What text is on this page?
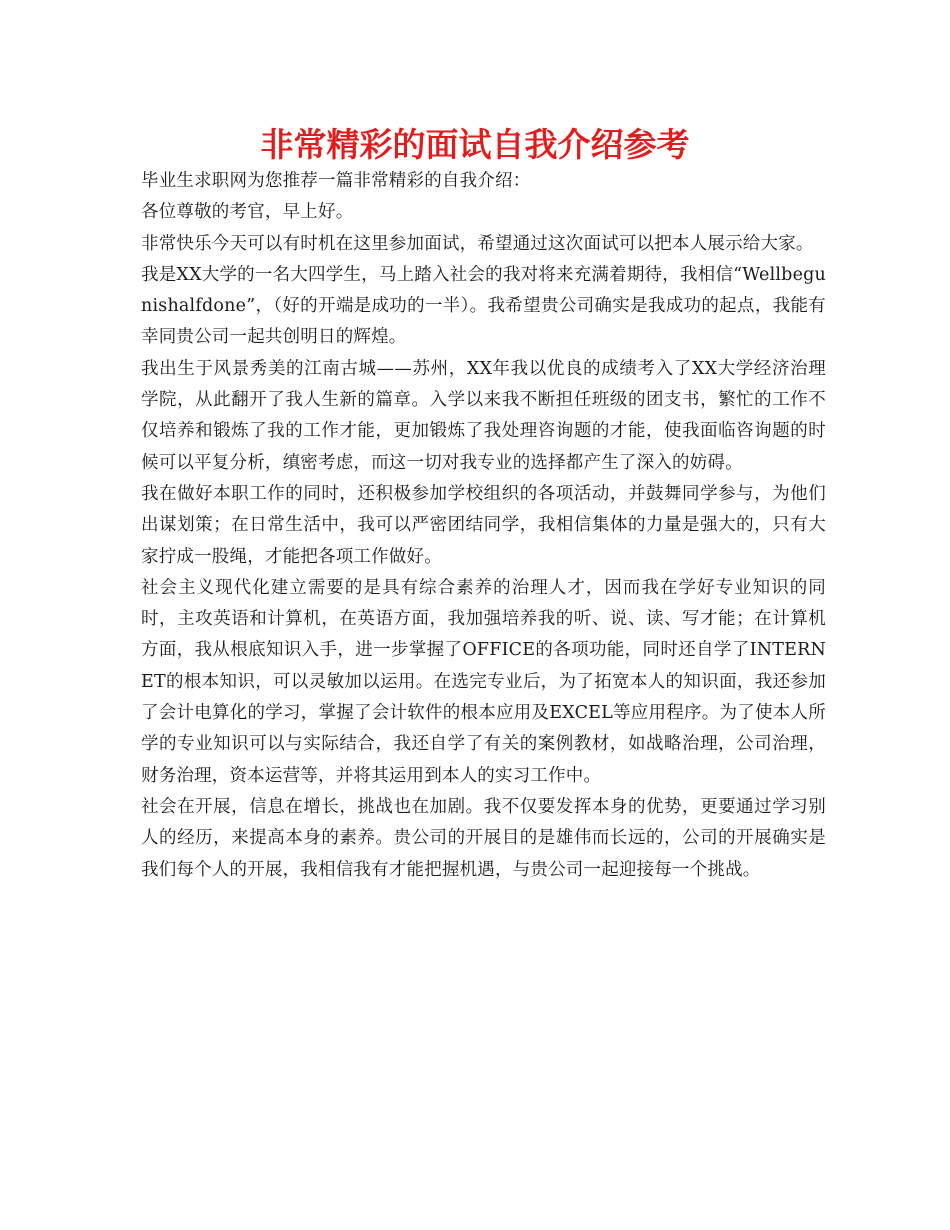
非常精彩的面试自我介绍参考

毕业生求职网为您推荐一篇非常精彩的自我介绍：

各位尊敬的考官，早上好。

非常快乐今天可以有时机在这里参加面试，希望通过这次面试可以把本人展示给大家。

我是XX大学的一名大四学生，马上踏入社会的我对将来充满着期待，我相信“Wellbegunishalfdone”，（好的开端是成功的一半）。我希望贵公司确实是我成功的起点，我能有幸同贵公司一起共创明日的辉煌。

我出生于风景秀美的江南古城——苏州，XX年我以优良的成绩考入了XX大学经济治理学院，从此翻开了我人生新的篇章。入学以来我不断担任班级的团支书，繁忙的工作不仅培养和锻炼了我的工作才能，更加锻炼了我处理咨询题的才能，使我面临咨询题的时候可以平复分析，缜密考虑，而这一切对我专业的选择都产生了深入的妨碍。

我在做好本职工作的同时，还积极参加学校组织的各项活动，并鼓舞同学参与，为他们出谋划策；在日常生活中，我可以严密团结同学，我相信集体的力量是强大的，只有大家拧成一股绳，才能把各项工作做好。

社会主义现代化建立需要的是具有综合素养的治理人才，因而我在学好专业知识的同时，主攻英语和计算机，在英语方面，我加强培养我的听、说、读、写才能；在计算机方面，我从根底知识入手，进一步掌握了OFFICE的各项功能，同时还自学了INTERNET的根本知识，可以灵敏加以运用。在选完专业后，为了拓宽本人的知识面，我还参加了会计电算化的学习，掌握了会计软件的根本应用及EXCEL等应用程序。为了使本人所学的专业知识可以与实际结合，我还自学了有关的案例教材，如战略治理，公司治理，财务治理，资本运营等，并将其运用到本人的实习工作中。

社会在开展，信息在增长，挑战也在加剧。我不仅要发挥本身的优势，更要通过学习别人的经历，来提高本身的素养。贵公司的开展目的是雄伟而长远的，公司的开展确实是我们每个人的开展，我相信我有才能把握机遇，与贵公司一起迎接每一个挑战。
